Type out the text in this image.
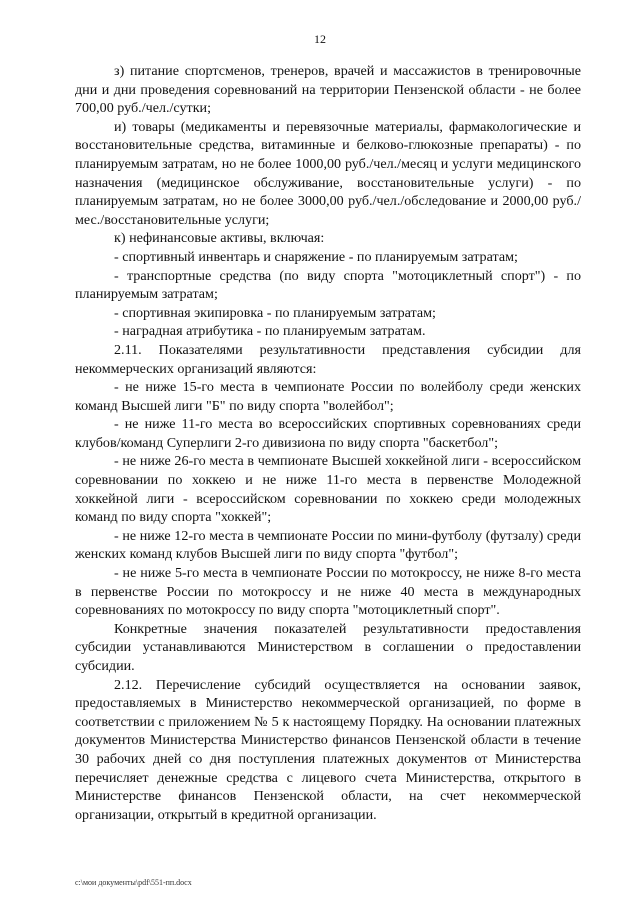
12

з) питание спортсменов, тренеров, врачей и массажистов в тренировочные дни и дни проведения соревнований на территории Пензенской области - не более 700,00 руб./чел./сутки;

и) товары (медикаменты и перевязочные материалы, фармакологические и восстановительные средства, витаминные и белково-глюкозные препараты) - по планируемым затратам, но не более 1000,00 руб./чел./месяц и услуги медицинского назначения (медицинское обслуживание, восстановительные услуги) - по планируемым затратам, но не более 3000,00 руб./чел./обследование и 2000,00 руб./мес./восстановительные услуги;

к) нефинансовые активы, включая:

- спортивный инвентарь и снаряжение - по планируемым затратам;

- транспортные средства (по виду спорта "мотоциклетный спорт") - по планируемым затратам;

- спортивная экипировка - по планируемым затратам;

- наградная атрибутика - по планируемым затратам.

2.11. Показателями результативности представления субсидии для некоммерческих организаций являются:

- не ниже 15-го места в чемпионате России по волейболу среди женских команд Высшей лиги "Б" по виду спорта "волейбол";

- не ниже 11-го места во всероссийских спортивных соревнованиях среди клубов/команд Суперлиги 2-го дивизиона по виду спорта "баскетбол";

- не ниже 26-го места в чемпионате Высшей хоккейной лиги - всероссийском соревновании по хоккею и не ниже 11-го места в первенстве Молодежной хоккейной лиги - всероссийском соревновании по хоккею среди молодежных команд по виду спорта "хоккей";

- не ниже 12-го места в чемпионате России по мини-футболу (футзалу) среди женских команд клубов Высшей лиги по виду спорта "футбол";

- не ниже 5-го места в чемпионате России по мотокроссу, не ниже 8-го места в первенстве России по мотокроссу и не ниже 40 места в международных соревнованиях по мотокроссу по виду спорта "мотоциклетный спорт".

Конкретные значения показателей результативности предоставления субсидии устанавливаются Министерством в соглашении о предоставлении субсидии.

2.12. Перечисление субсидий осуществляется на основании заявок, предоставляемых в Министерство некоммерческой организацией, по форме в соответствии с приложением № 5 к настоящему Порядку. На основании платежных документов Министерства Министерство финансов Пензенской области в течение 30 рабочих дней со дня поступления платежных документов от Министерства перечисляет денежные средства с лицевого счета Министерства, открытого в Министерстве финансов Пензенской области, на счет некоммерческой организации, открытый в кредитной организации.

c:\мои документы\pdf\551-пп.docx
